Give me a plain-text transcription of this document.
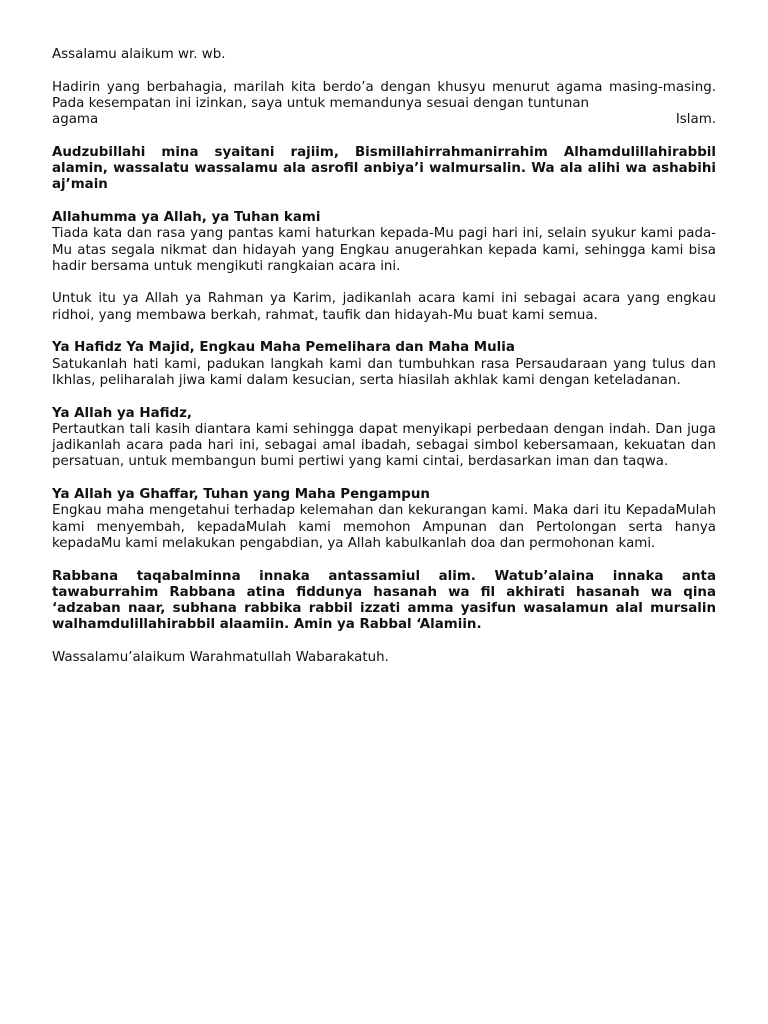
Assalamu alaikum wr. wb.

Hadirin yang berbahagia, marilah kita berdo’a dengan khusyu menurut agama masing-masing. Pada kesempatan ini izinkan, saya untuk memandunya sesuai dengan tuntunan

agama Islam.

Audzubillahi mina syaitani rajiim, Bismillahirrahmanirrahim Alhamdulillahirabbil alamin, wassalatu wassalamu ala asrofil anbiya’i walmursalin. Wa ala alihi wa ashabihi aj’main

Allahumma ya Allah, ya Tuhan kami

Tiada kata dan rasa yang pantas kami haturkan kepada-Mu pagi hari ini, selain syukur kami pada-Mu atas segala nikmat dan hidayah yang Engkau anugerahkan kepada kami, sehingga kami bisa hadir bersama untuk mengikuti rangkaian acara ini.

Untuk itu ya Allah ya Rahman ya Karim, jadikanlah acara kami ini sebagai acara yang engkau ridhoi, yang membawa berkah, rahmat, taufik dan hidayah-Mu buat kami semua.

Ya Hafidz Ya Majid, Engkau Maha Pemelihara dan Maha Mulia

Satukanlah hati kami, padukan langkah kami dan tumbuhkan rasa Persaudaraan yang tulus dan Ikhlas, peliharalah jiwa kami dalam kesucian, serta hiasilah akhlak kami dengan keteladanan.

Ya Allah ya Hafidz,

Pertautkan tali kasih diantara kami sehingga dapat menyikapi perbedaan dengan indah. Dan juga jadikanlah acara pada hari ini, sebagai amal ibadah, sebagai simbol kebersamaan, kekuatan dan persatuan, untuk membangun bumi pertiwi yang kami cintai, berdasarkan iman dan taqwa.

Ya Allah ya Ghaffar, Tuhan yang Maha Pengampun

Engkau maha mengetahui terhadap kelemahan dan kekurangan kami. Maka dari itu KepadaMulah kami menyembah, kepadaMulah kami memohon Ampunan dan Pertolongan serta hanya kepadaMu kami melakukan pengabdian, ya Allah kabulkanlah doa dan permohonan kami.

Rabbana taqabalminna innaka antassamiul alim. Watub’alaina innaka anta tawaburrahim Rabbana atina fiddunya hasanah wa fil akhirati hasanah wa qina ‘adzaban naar, subhana rabbika rabbil izzati amma yasifun wasalamun alal mursalin walhamdulillahirabbil alaamiin. Amin ya Rabbal ‘Alamiin.

Wassalamu’alaikum Warahmatullah Wabarakatuh.
